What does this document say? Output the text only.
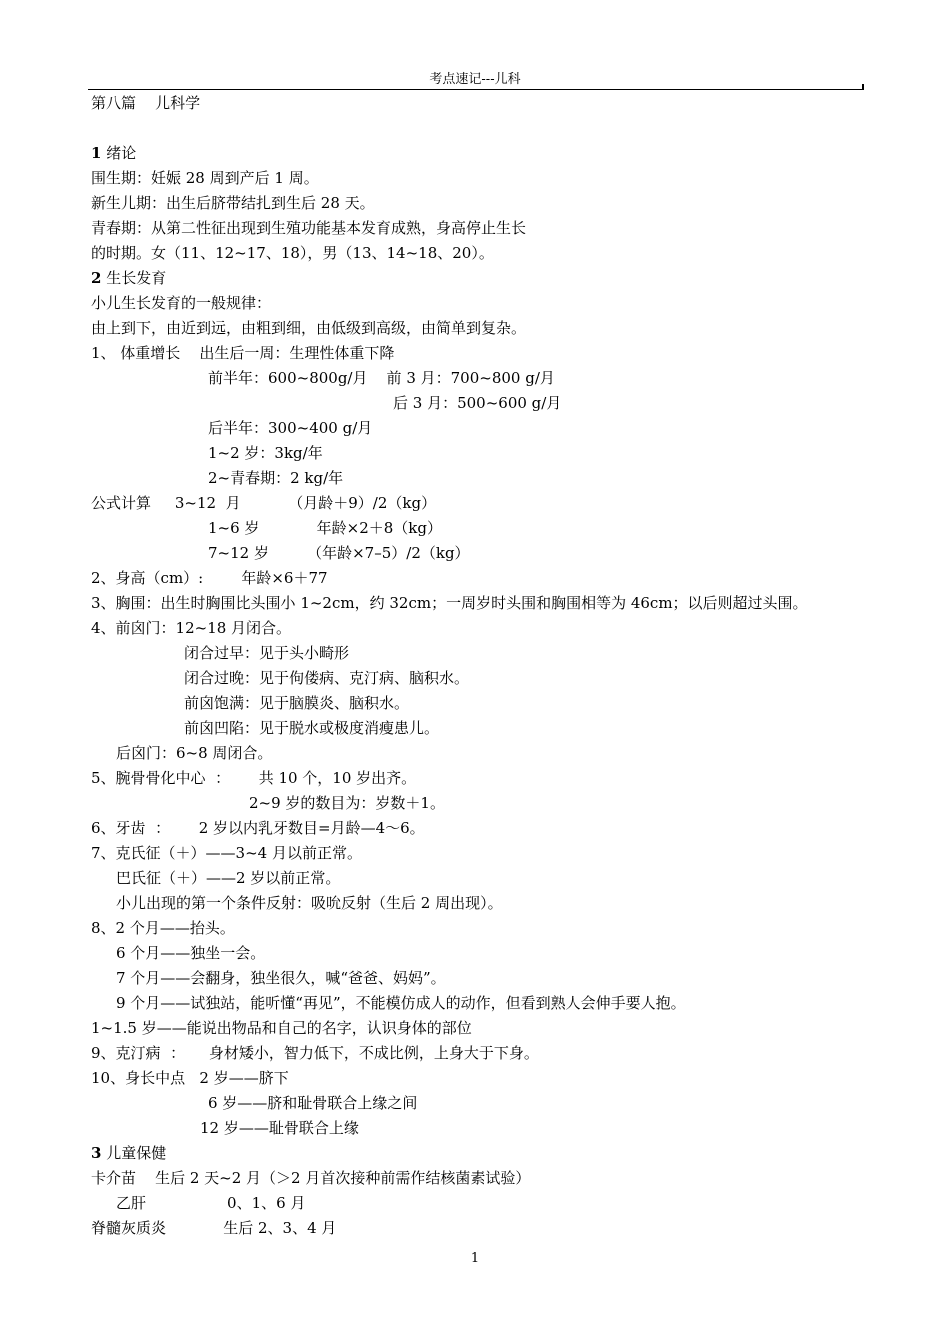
考点速记---儿科
第八篇    儿科学
1 绪论
围生期：妊娠 28 周到产后 1 周。
新生儿期：出生后脐带结扎到生后 28 天。
青春期：从第二性征出现到生殖功能基本发育成熟，身高停止生长
的时期。女（11、12~17、18），男（13、14~18、20）。
2 生长发育
小儿生长发育的一般规律：
由上到下，由近到远，由粗到细，由低级到高级，由简单到复杂。
1、 体重增长    出生后一周：生理性体重下降
前半年：600~800g/月    前 3 月：700~800 g/月
后 3 月：500~600 g/月
后半年：300~400 g/月
1~2 岁：3kg/年
2~青春期：2 kg/年
公式计算     3~12  月          （月龄＋9）/2（kg）
1~6 岁            年龄×2＋8（kg）
7~12 岁        （年龄×7–5）/2（kg）
2、身高（cm）:        年龄×6＋77
3、胸围：出生时胸围比头围小 1~2cm，约 32cm；一周岁时头围和胸围相等为 46cm；以后则超过头围。
4、前囟门：12~18 月闭合。
闭合过早：见于头小畸形
闭合过晚：见于佝偻病、克汀病、脑积水。
前囟饱满：见于脑膜炎、脑积水。
前囟凹陷：见于脱水或极度消瘦患儿。
后囟门：6~8 周闭合。
5、腕骨骨化中心  ：      共 10 个，10 岁出齐。
2~9 岁的数目为：岁数＋1。
6、牙齿  ：      2 岁以内乳牙数目=月龄—4～6。
7、克氏征（＋）——3~4 月以前正常。
巴氏征（＋）——2 岁以前正常。
小儿出现的第一个条件反射：吸吮反射（生后 2 周出现）。
8、2 个月——抬头。
6 个月——独坐一会。
7 个月——会翻身，独坐很久，喊“爸爸、妈妈”。
9 个月——试独站，能听懂“再见”，不能模仿成人的动作，但看到熟人会伸手要人抱。
1~1.5 岁——能说出物品和自己的名字，认识身体的部位
9、克汀病  ：     身材矮小，智力低下，不成比例，上身大于下身。
10、身长中点   2 岁——脐下
6 岁——脐和耻骨联合上缘之间
12 岁——耻骨联合上缘
3 儿童保健
卡介苗    生后 2 天~2 月（＞2 月首次接种前需作结核菌素试验）
乙肝                 0、1、6 月
脊髓灰质炎            生后 2、3、4 月
1
